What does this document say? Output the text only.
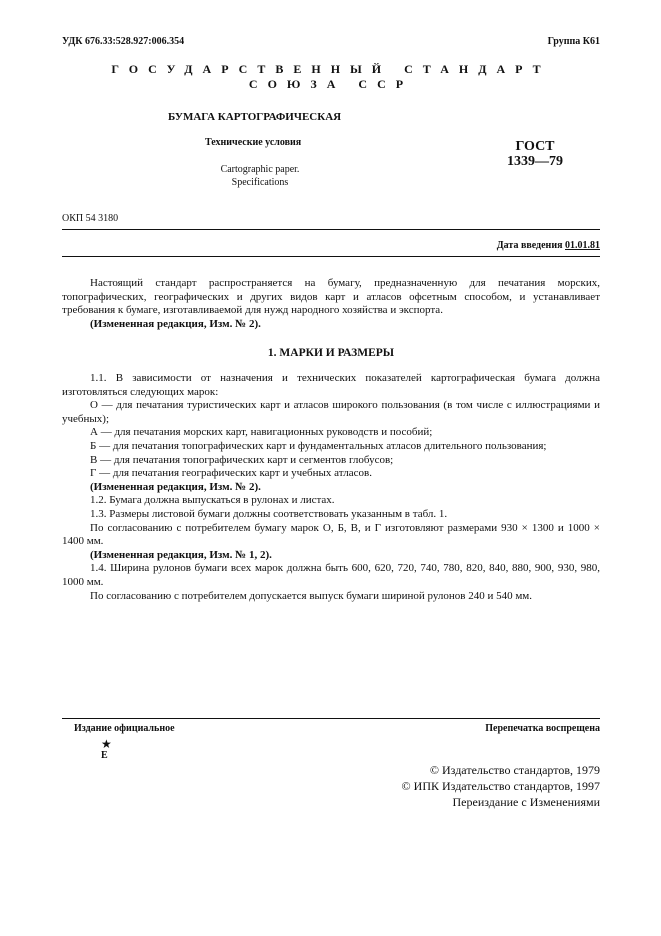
УДК 676.33:528.927:006.354	Группа К61
ГОСУДАРСТВЕННЫЙ СТАНДАРТ СОЮЗА ССР
БУМАГА КАРТОГРАФИЧЕСКАЯ
Технические условия
Cartographic paper.
Specifications
ГОСТ
1339—79
ОКП 54 3180
Дата введения 01.01.81

Настоящий стандарт распространяется на бумагу, предназначенную для печатания морских, топографических, географических и других видов карт и атласов офсетным способом, и устанавливает требования к бумаге, изготавливаемой для нужд народного хозяйства и экспорта.

(Измененная редакция, Изм. № 2).

1. МАРКИ И РАЗМЕРЫ

1.1. В зависимости от назначения и технических показателей картографическая бумага должна изготовляться следующих марок:

О — для печатания туристических карт и атласов широкого пользования (в том числе с иллюстрациями и учебных);

А — для печатания морских карт, навигационных руководств и пособий;

Б — для печатания топографических карт и фундаментальных атласов длительного пользования;

В — для печатания топографических карт и сегментов глобусов;

Г — для печатания географических карт и учебных атласов.

(Измененная редакция, Изм. № 2).

1.2. Бумага должна выпускаться в рулонах и листах.

1.3. Размеры листовой бумаги должны соответствовать указанным в табл. 1.

По согласованию с потребителем бумагу марок О, Б, В, и Г изготовляют размерами 930 × 1300 и 1000 × 1400 мм.

(Измененная редакция, Изм. № 1, 2).

1.4. Ширина рулонов бумаги всех марок должна быть 600, 620, 720, 740, 780, 820, 840, 880, 900, 930, 980, 1000 мм.

По согласованию с потребителем допускается выпуск бумаги шириной рулонов 240 и 540 мм.

Издание официальное	Перепечатка воспрещена
★
Е
© Издательство стандартов, 1979
© ИПК Издательство стандартов, 1997
Переиздание с Изменениями
